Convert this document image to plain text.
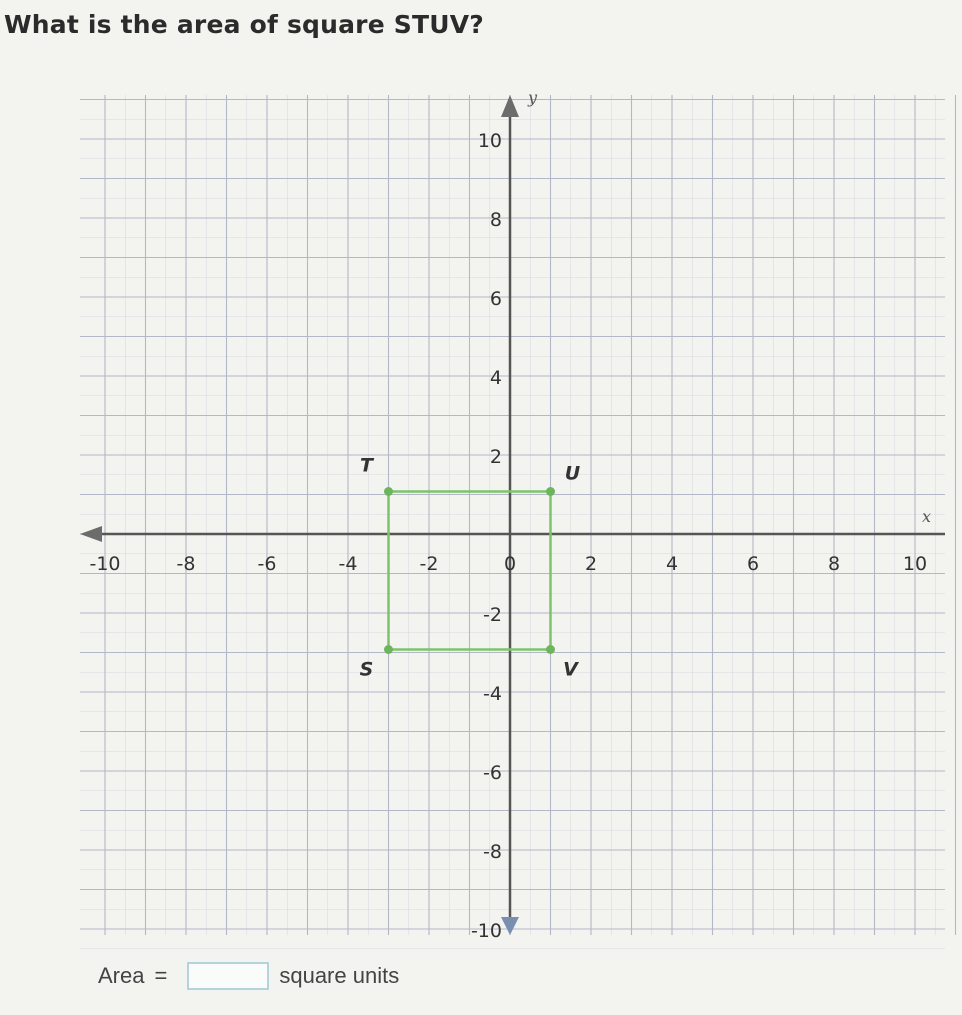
What is the area of square STUV?
x
y
-10	-8	-6	-4	-2	0	2	4	6	8	10
10
8
6
4
2
-2
-4
-6
-8
-10
T	U
V
S
Area =	square units
